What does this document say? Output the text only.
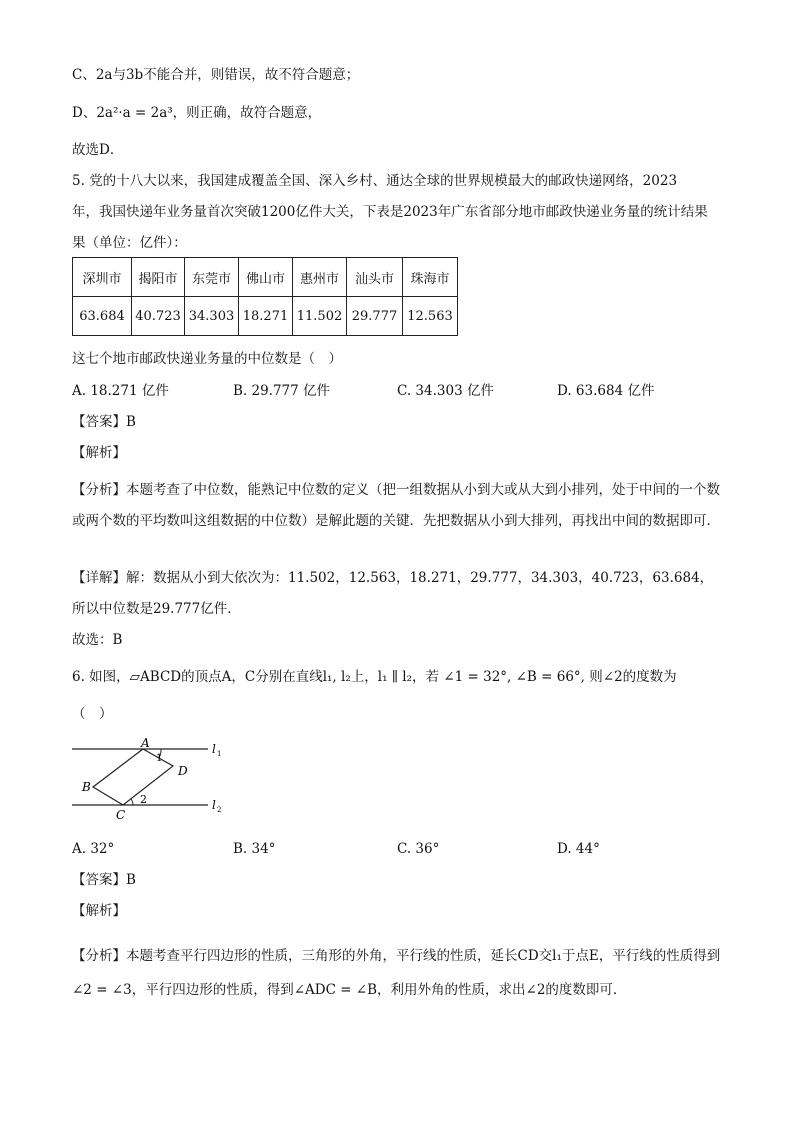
C、2a与3b不能合并，则错误，故不符合题意；
D、2a²·a = 2a³，则正确，故符合题意，
故选D．
5. 党的十八大以来，我国建成覆盖全国、深入乡村、通达全球的世界规模最大的邮政快递网络，2023
年，我国快递年业务量首次突破1200亿件大关，下表是2023年广东省部分地市邮政快递业务量的统计结果
果（单位：亿件）：
深圳市	揭阳市	东莞市	佛山市	惠州市	汕头市	珠海市
63.684	40.723	34.303	18.271	11.502	29.777	12.563
这七个地市邮政快递业务量的中位数是（　）
A. 18.271 亿件	B. 29.777 亿件	C. 34.303 亿件	D. 63.684 亿件
【答案】B
【解析】
【分析】本题考查了中位数，能熟记中位数的定义（把一组数据从小到大或从大到小排列，处于中间的一个数或两个数的平均数叫这组数据的中位数）是解此题的关键．先把数据从小到大排列，再找出中间的数据即可．
【详解】解：数据从小到大依次为：11.502，12.563，18.271，29.777，34.303，40.723，63.684，
所以中位数是29.777亿件．
故选：B
6. 如图，▱ABCD的顶点A，C分别在直线l₁, l₂上，l₁ ∥ l₂，若 ∠1 = 32°, ∠B = 66°, 则∠2的度数为
（　）
A
B
C
D
1
2
l 1
l 2
A. 32°	B. 34°	C. 36°	D. 44°
【答案】B
【解析】
【分析】本题考查平行四边形的性质，三角形的外角，平行线的性质，延长CD交l₁于点E，平行线的性质得到∠2 = ∠3，平行四边形的性质，得到∠ADC = ∠B，利用外角的性质，求出∠2的度数即可．
